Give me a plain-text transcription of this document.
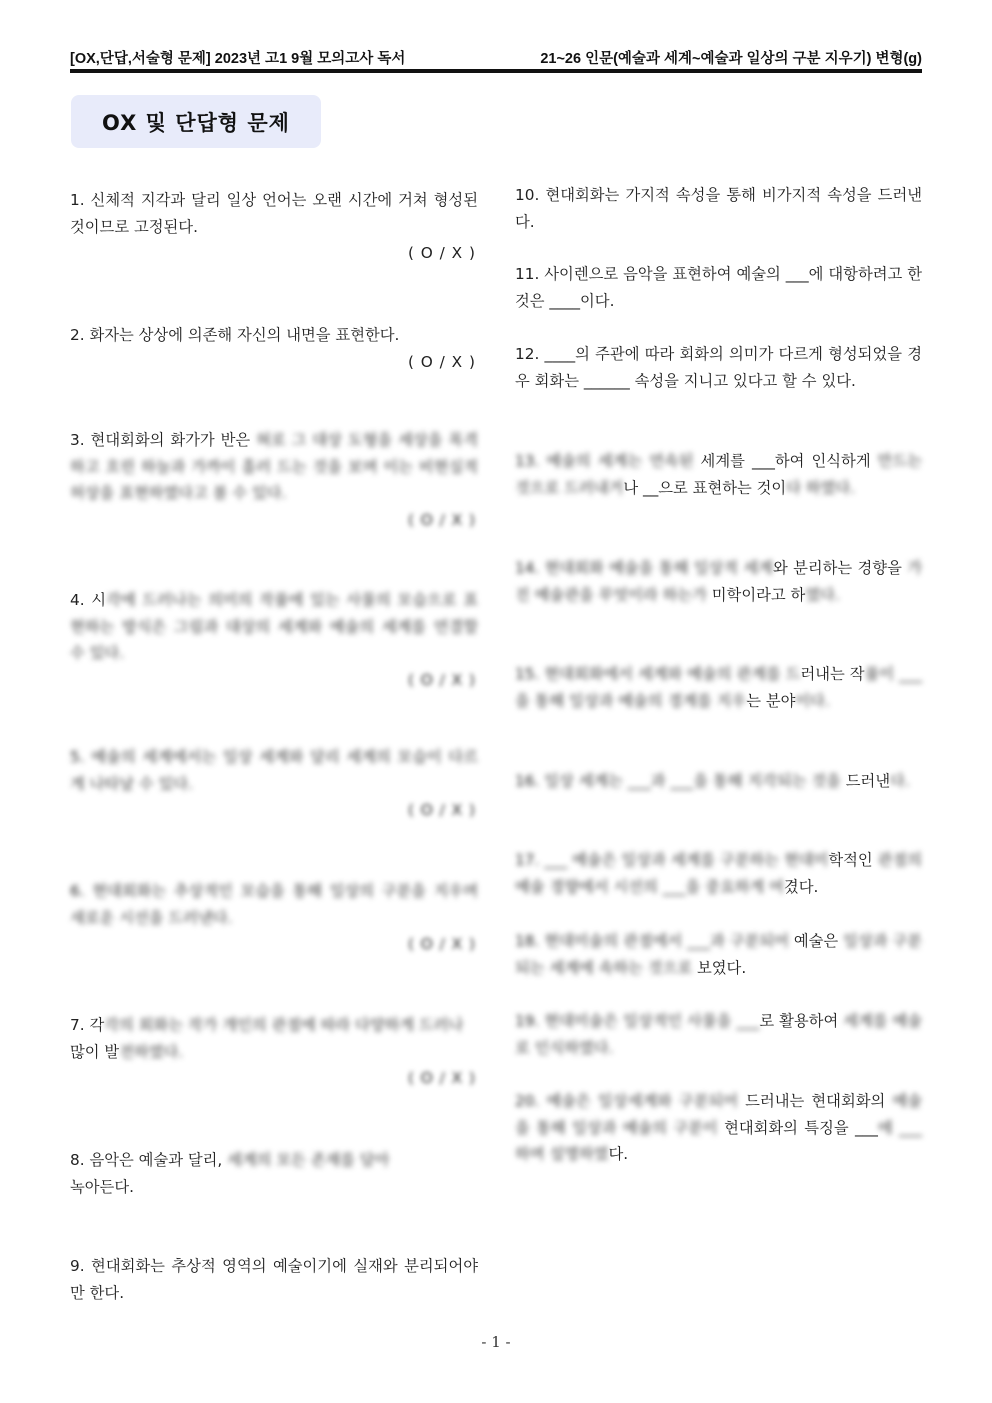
[OX,단답,서술형 문제] 2023년 고1 9월 모의고사 독서	21~26 인문(예술과 세계~예술과 일상의 구분 지우기) 변형(g)
OX 및 단답형 문제
1. 신체적 지각과 달리 일상 언어는 오랜 시간에 거쳐 형성된 것이므로 고정된다.
( O / X )
2. 화자는 상상에 의존해 자신의 내면을 표현한다.
( O / X )
3. 현대회화의 화가가 반은 혀로 그 대상 도형을 세상을 목격하고 흐린 하늘과 가까이 흘러 드는 것을 보며 이는 비현실적 허상을 표현하였다고 볼 수 있다.
( O / X )
4. 시각에 드러나는 의미의 작품에 있는 사물의 모습으로 표현하는 방식은 그림과 대상의 세계와 예술의 세계를 연결할 수 있다.
( O / X )
5. 예술의 세계에서는 일상 세계와 달리 세계의 모습이 다르게 나타날 수 있다.
( O / X )
6. 현대회화는 추상적인 모습을 통해 일상의 구분을 지우며 새로운 시선을 드러낸다.
( O / X )
7. 각각의 회화는 작가 개인의 관점에 따라 다양하게 드러나
많이 발전하였다.
( O / X )
8. 음악은 예술과 달리, 세계의 모든 존재를 담아
녹아든다.
9. 현대회화는 추상적 영역의 예술이기에 실재와 분리되어야만 한다.
10. 현대회화는 가지적 속성을 통해 비가지적 속성을 드러낸다.
11. 사이렌으로 음악을 표현하여 예술의 ___에 대항하려고 한 것은 ____이다.
12. ____의 주관에 따라 회화의 의미가 다르게 형성되었을 경우 회화는 ______ 속성을 지니고 있다고 할 수 있다.
13. 예술의 세계는 연속된 세계를 ___하여 인식하게 만드는 것으로 드러내거나 __으로 표현하는 것이다 하였다.
14. 현대회화 예술을 통해 일상적 세계와 분리하는 경향을 가진 예술관을 무엇이라 하는가 미학이라고 하였다.
15. 현대회화에서 세계와 예술의 관계를 드러내는 작품이 ___을 통해 일상과 예술의 경계를 지우는 분야이다.
16. 일상 세계는 ___과 ___을 통해 지각되는 것을 드러낸다.
17. ___ 예술은 일상과 세계를 구분하는 현대미학적인 관점의 예술 경향에서 시선의 ___을 중요하게 여겼다.
18. 현대미술의 관점에서 ___과 구분되어 예술은 일상과 구분되는 세계에 속하는 것으로 보였다.
19. 현대미술은 일상적인 사물을 ___로 활용하여 세계를 예술로 인식하였다.
20. 예술은 일상세계와 구분되어 드러내는 현대회화의 예술을 통해 일상과 예술의 구분이 현대회화의 특징을 ___에 ___하며 설명하였다.
- 1 -
